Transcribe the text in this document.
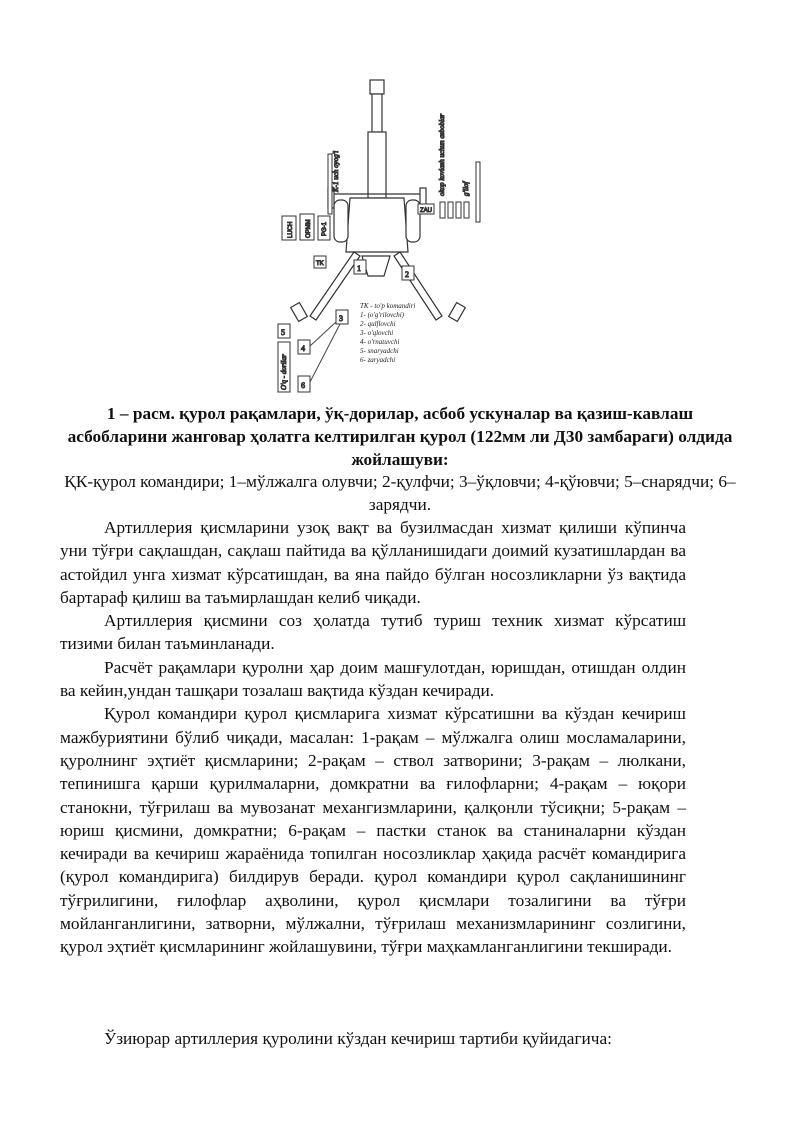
LUCH OPMM PG-1
K-1 uch oyog'i
ZAU
okop kovlash uchun asboblar g'ilof
TK	1
2
3
4
5
6
O'q - dorilar
TK - to'p komandiri
1- (o'g'rilovchi)
2- qulflovchi
3- o'qlovchi
4- o'rnatuvchi
5- snaryadchi
6- zaryadchi
1 – расм. қурол рақамлари, ўқ-дорилар, асбоб ускуналар ва қазиш-кавлаш асбобларини жанговар ҳолатга келтирилган қурол (122мм ли Д30 замбараги) олдида жойлашуви:
ҚК-қурол командири; 1–мўлжалга олувчи; 2-қулфчи; 3–ўқловчи; 4-қўювчи; 5–снарядчи; 6–зарядчи.

Артиллерия қисмларини узоқ вақт ва бузилмасдан хизмат қилиши кўпинча уни тўғри сақлашдан, сақлаш пайтида ва қўлланишидаги доимий кузатишлардан ва астойдил унга хизмат кўрсатишдан, ва яна пайдо бўлган носозликларни ўз вақтида бартараф қилиш ва таъмирлашдан келиб чиқади.

Артиллерия қисмини соз ҳолатда тутиб туриш техник хизмат кўрсатиш тизими билан таъминланади.

Расчёт рақамлари қуролни ҳар доим машғулотдан, юришдан, отишдан олдин ва кейин,ундан ташқари тозалаш вақтида кўздан кечиради.

Қурол командири қурол қисмларига хизмат кўрсатишни ва кўздан кечириш мажбуриятини бўлиб чиқади, масалан: 1-рақам – мўлжалга олиш мосламаларини, қуролнинг эҳтиёт қисмларини; 2-рақам – ствол затворини; 3-рақам – люлкани, тепинишга қарши қурилмаларни, домкратни ва ғилофларни; 4-рақам – юқори станокни, тўғрилаш ва мувозанат механгизмларини, қалқонли тўсиқни; 5-рақам – юриш қисмини, домкратни; 6-рақам – пастки станок ва станиналарни кўздан кечиради ва кечириш жараёнида топилган носозликлар ҳақида расчёт командирига (қурол командирига) билдирув беради. қурол командири қурол сақланишининг тўғрилигини, ғилофлар аҳволини, қурол қисмлари тозалигини ва тўғри мойланганлигини, затворни, мўлжални, тўғрилаш механизмларининг созлигини, қурол эҳтиёт қисмларининг жойлашувини, тўғри маҳкамланганлигини текширади.

Ўзиюрар артиллерия қуролини кўздан кечириш тартиби қуйидагича:
